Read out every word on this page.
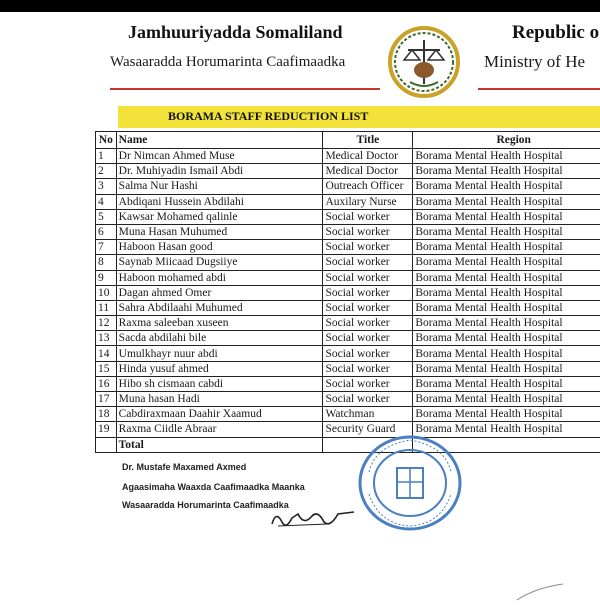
Jamhuuriyadda Somaliland	Republic o
Wasaaradda Horumarinta Caafimaadka	Ministry of He
BORAMA STAFF REDUCTION LIST
No	Name	Title	Region
1	Dr Nimcan Ahmed Muse	Medical Doctor	Borama Mental Health Hospital
2	Dr. Muhiyadin Ismail Abdi	Medical Doctor	Borama Mental Health Hospital
3	Salma Nur Hashi	Outreach Officer	Borama Mental Health Hospital
4	Abdiqani Hussein Abdilahi	Auxilary Nurse	Borama Mental Health Hospital
5	Kawsar Mohamed qalinle	Social worker	Borama Mental Health Hospital
6	Muna Hasan Muhumed	Social worker	Borama Mental Health Hospital
7	Haboon Hasan good	Social worker	Borama Mental Health Hospital
8	Saynab Miicaad Dugsiiye	Social worker	Borama Mental Health Hospital
9	Haboon mohamed abdi	Social worker	Borama Mental Health Hospital
10	Dagan ahmed Omer	Social worker	Borama Mental Health Hospital
11	Sahra Abdilaahi Muhumed	Social worker	Borama Mental Health Hospital
12	Raxma saleeban xuseen	Social worker	Borama Mental Health Hospital
13	Sacda abdilahi bile	Social worker	Borama Mental Health Hospital
14	Umulkhayr nuur abdi	Social worker	Borama Mental Health Hospital
15	Hinda yusuf ahmed	Social worker	Borama Mental Health Hospital
16	Hibo sh cismaan cabdi	Social worker	Borama Mental Health Hospital
17	Muna hasan Hadi	Social worker	Borama Mental Health Hospital
18	Cabdiraxmaan Daahir Xaamud	Watchman	Borama Mental Health Hospital
19	Raxma Ciidle Abraar	Security Guard	Borama Mental Health Hospital
	Total		
Dr. Mustafe Maxamed Axmed
Agaasimaha Waaxda Caafimaadka Maanka
Wasaaradda Horumarinta Caafimaadka
